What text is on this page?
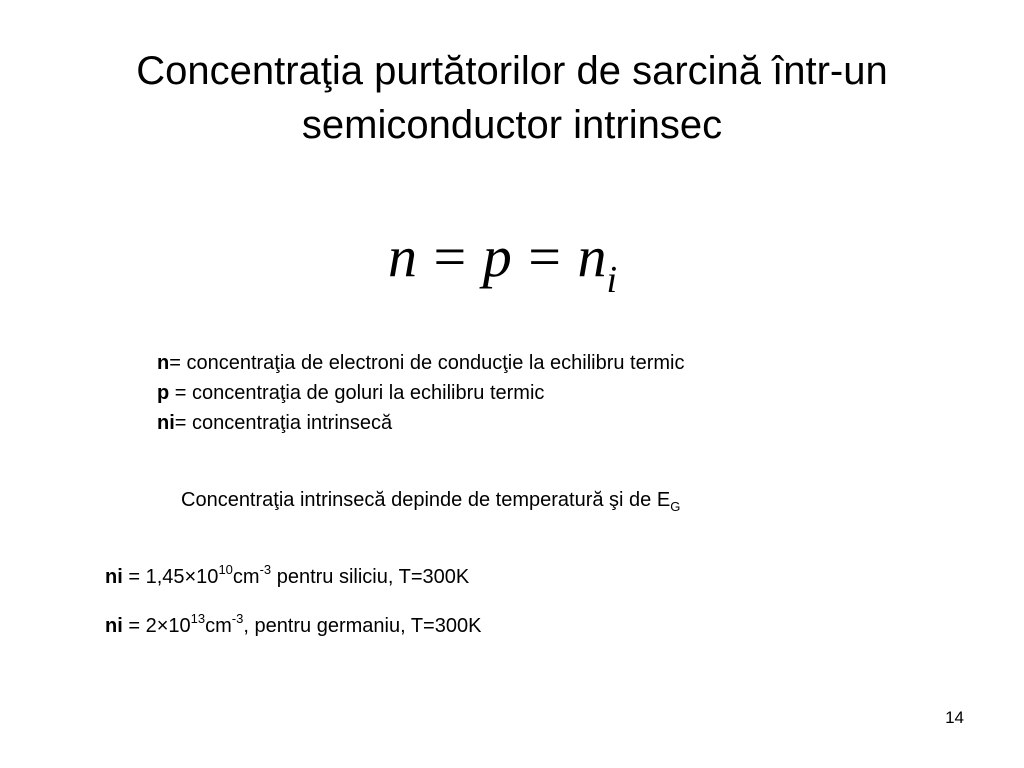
Concentraţia purtătorilor de sarcină într-un
semiconductor intrinsec
$n = p = n_i$
n= concentraţia de electroni de conducţie la echilibru termic
p = concentraţia de goluri la echilibru termic
ni= concentraţia intrinsecă
Concentraţia intrinsecă depinde de temperatură şi de $E_G$
ni = $1,45\times 10^{10}cm^{-3}$ pentru siliciu, T=300K
ni = $2\times 10^{13}cm^{-3}$, pentru germaniu, T=300K
14
